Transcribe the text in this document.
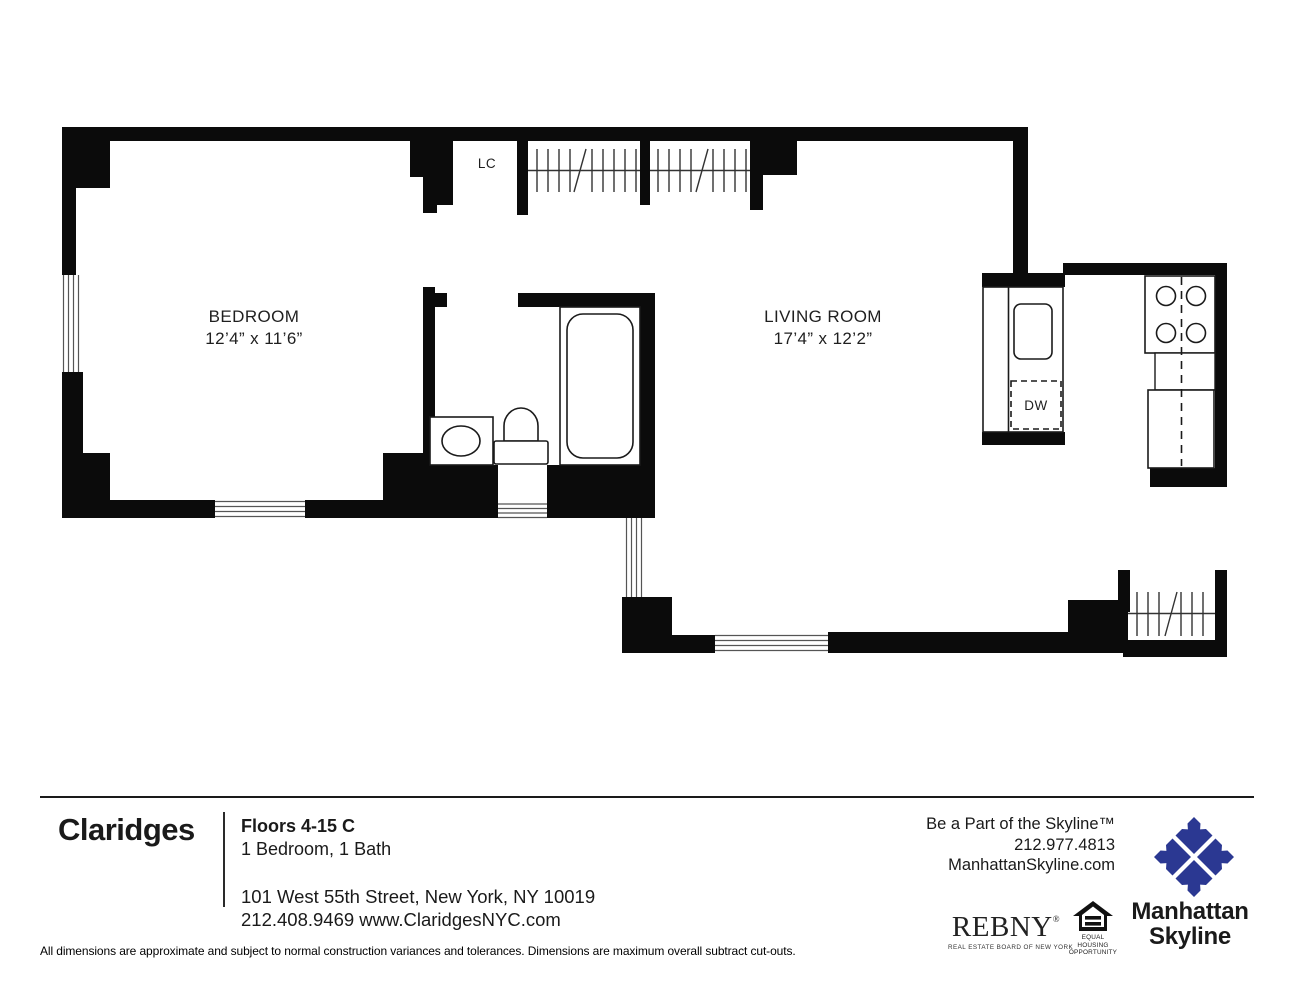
BEDROOM
12’4” x 11’6”
LIVING ROOM
17’4” x 12’2”
LC
DW
Claridges	Floors 4-15 C
1 Bedroom, 1 Bath
101 West 55th Street, New York, NY 10019
212.408.9469 www.ClaridgesNYC.com
Be a Part of the Skyline™
212.977.4813
ManhattanSkyline.com
REBNY®
REAL ESTATE BOARD OF NEW YORK
EQUAL HOUSING
OPPORTUNITY
Manhattan
Skyline
All dimensions are approximate and subject to normal construction variances and tolerances. Dimensions are maximum overall subtract cut-outs.
